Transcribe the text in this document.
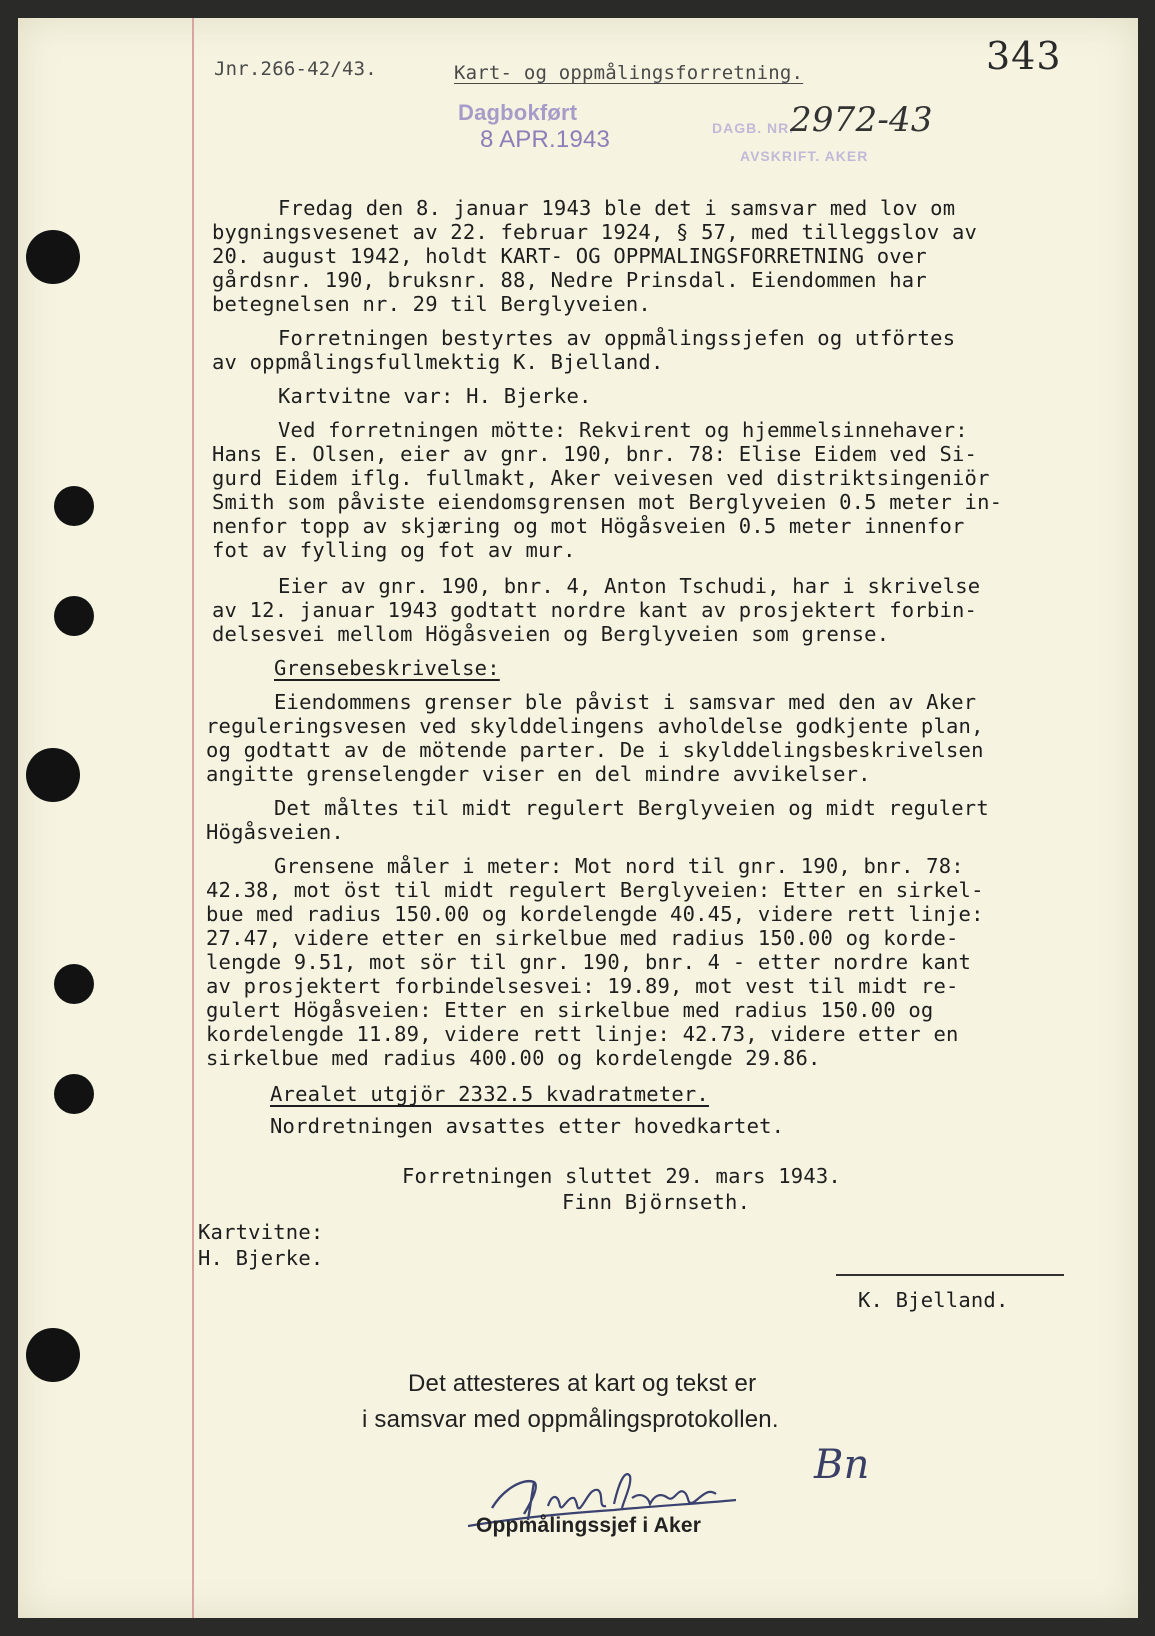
Jnr.266-42/43.	Kart- og oppmålingsforretning.	343
Dagbokført
8 APR.1943	DAGB. NR.
2972-43
AVSKRIFT. AKER
Fredag den 8. januar 1943 ble det i samsvar med lov om
bygningsvesenet av 22. februar 1924, § 57, med tilleggslov av
20. august 1942, holdt KART- OG OPPMALINGSFORRETNING over
gårdsnr. 190, bruksnr. 88, Nedre Prinsdal. Eiendommen har
betegnelsen nr. 29 til Berglyveien.
Forretningen bestyrtes av oppmålingssjefen og utförtes
av oppmålingsfullmektig K. Bjelland.
Kartvitne var: H. Bjerke.
Ved forretningen mötte: Rekvirent og hjemmelsinnehaver:
Hans E. Olsen, eier av gnr. 190, bnr. 78: Elise Eidem ved Si-
gurd Eidem iflg. fullmakt, Aker veivesen ved distriktsingeniör
Smith som påviste eiendomsgrensen mot Berglyveien 0.5 meter in-
nenfor topp av skjæring og mot Högåsveien 0.5 meter innenfor
fot av fylling og fot av mur.
Eier av gnr. 190, bnr. 4, Anton Tschudi, har i skrivelse
av 12. januar 1943 godtatt nordre kant av prosjektert forbin-
delsesvei mellom Högåsveien og Berglyveien som grense.
Grensebeskrivelse:
Eiendommens grenser ble påvist i samsvar med den av Aker
reguleringsvesen ved skylddelingens avholdelse godkjente plan,
og godtatt av de mötende parter. De i skylddelingsbeskrivelsen
angitte grenselengder viser en del mindre avvikelser.
Det måltes til midt regulert Berglyveien og midt regulert
Högåsveien.
Grensene måler i meter: Mot nord til gnr. 190, bnr. 78:
42.38, mot öst til midt regulert Berglyveien: Etter en sirkel-
bue med radius 150.00 og kordelengde 40.45, videre rett linje:
27.47, videre etter en sirkelbue med radius 150.00 og korde-
lengde 9.51, mot sör til gnr. 190, bnr. 4 - etter nordre kant
av prosjektert forbindelsesvei: 19.89, mot vest til midt re-
gulert Högåsveien: Etter en sirkelbue med radius 150.00 og
kordelengde 11.89, videre rett linje: 42.73, videre etter en
sirkelbue med radius 400.00 og kordelengde 29.86.
Arealet utgjör 2332.5 kvadratmeter.
Nordretningen avsattes etter hovedkartet.
Forretningen sluttet 29. mars 1943.
Finn Björnseth.
Kartvitne:
H. Bjerke.
K. Bjelland.
Det attesteres at kart og tekst er
i samsvar med oppmålingsprotokollen.
Bn
Oppmålingssjef i Aker
